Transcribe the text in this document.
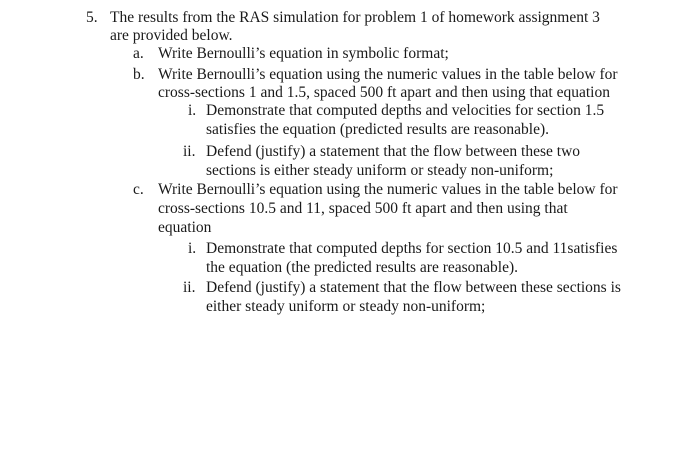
5. The results from the RAS simulation for problem 1 of homework assignment 3
are provided below.
a. Write Bernoulli’s equation in symbolic format;
b. Write Bernoulli’s equation using the numeric values in the table below for
cross-sections 1 and 1.5, spaced 500 ft apart and then using that equation
i. Demonstrate that computed depths and velocities for section 1.5
satisfies the equation (predicted results are reasonable).
ii. Defend (justify) a statement that the flow between these two
sections is either steady uniform or steady non-uniform;
c. Write Bernoulli’s equation using the numeric values in the table below for
cross-sections 10.5 and 11, spaced 500 ft apart and then using that
equation
i. Demonstrate that computed depths for section 10.5 and 11satisfies
the equation (the predicted results are reasonable).
ii. Defend (justify) a statement that the flow between these sections is
either steady uniform or steady non-uniform;
